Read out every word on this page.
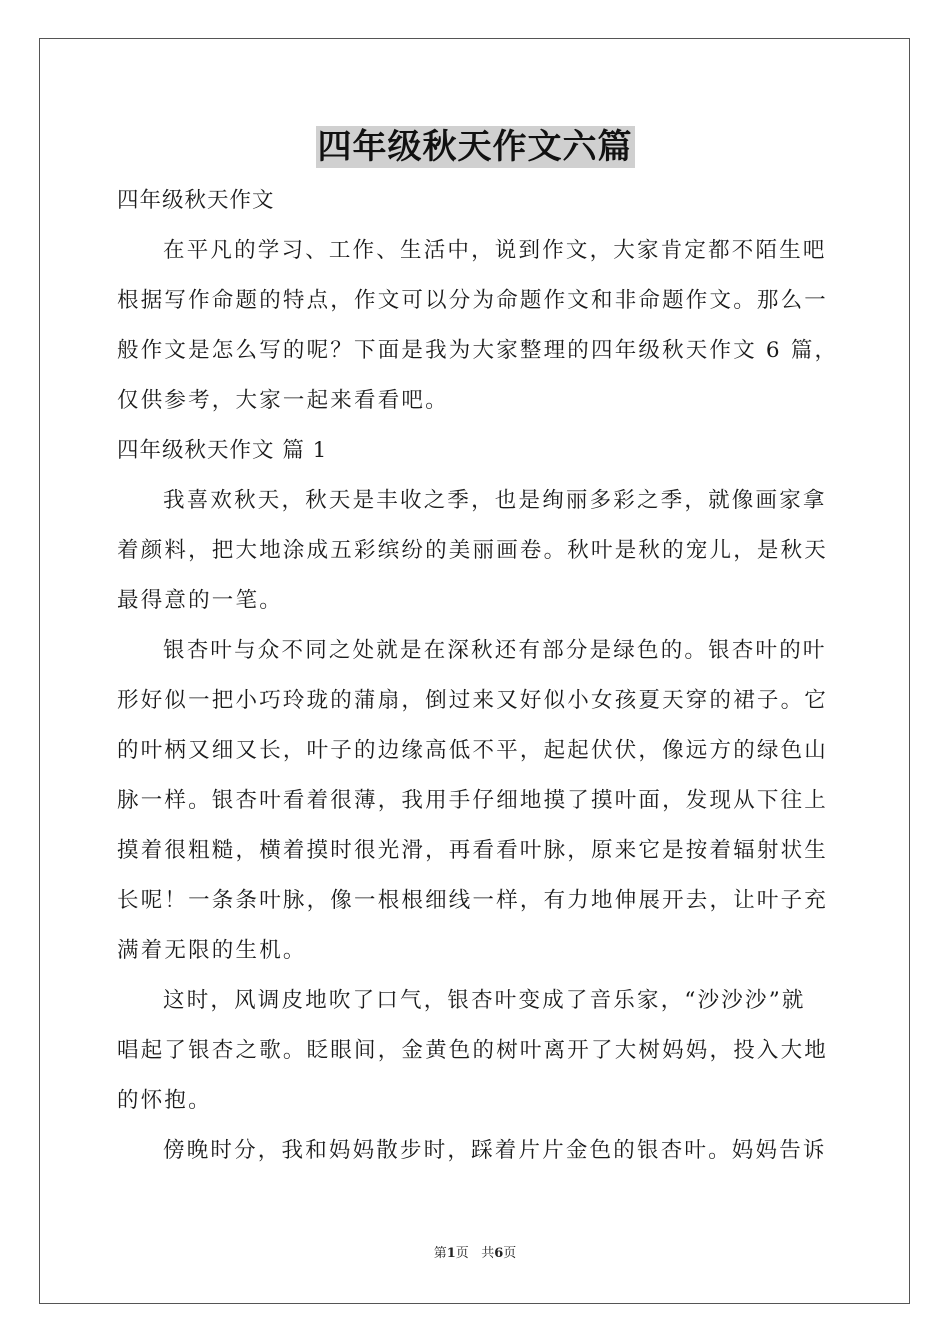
四年级秋天作文六篇
四年级秋天作文
在平凡的学习、工作、生活中，说到作文，大家肯定都不陌生吧
根据写作命题的特点，作文可以分为命题作文和非命题作文。那么一
般作文是怎么写的呢？下面是我为大家整理的四年级秋天作文 6 篇，
仅供参考，大家一起来看看吧。
四年级秋天作文 篇 1
我喜欢秋天，秋天是丰收之季，也是绚丽多彩之季，就像画家拿
着颜料，把大地涂成五彩缤纷的美丽画卷。秋叶是秋的宠儿，是秋天
最得意的一笔。
银杏叶与众不同之处就是在深秋还有部分是绿色的。银杏叶的叶
形好似一把小巧玲珑的蒲扇，倒过来又好似小女孩夏天穿的裙子。它
的叶柄又细又长，叶子的边缘高低不平，起起伏伏，像远方的绿色山
脉一样。银杏叶看着很薄，我用手仔细地摸了摸叶面，发现从下往上
摸着很粗糙，横着摸时很光滑，再看看叶脉，原来它是按着辐射状生
长呢！一条条叶脉，像一根根细线一样，有力地伸展开去，让叶子充
满着无限的生机。
这时，风调皮地吹了口气，银杏叶变成了音乐家，“沙沙沙”就
唱起了银杏之歌。眨眼间，金黄色的树叶离开了大树妈妈，投入大地
的怀抱。
傍晚时分，我和妈妈散步时，踩着片片金色的银杏叶。妈妈告诉
第1页 共6页
